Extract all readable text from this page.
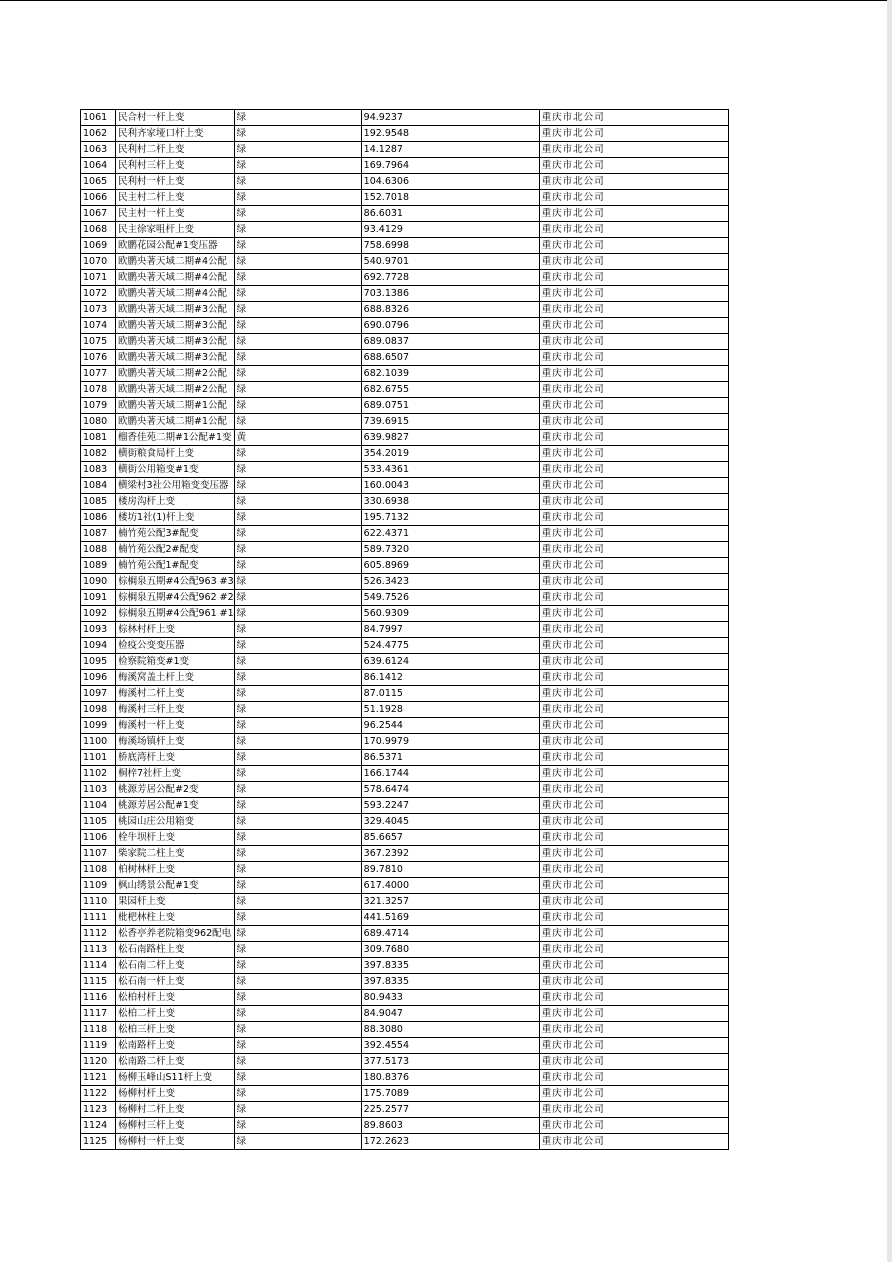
1061	民合村一杆上变	绿	94.9237	重庆市北公司
1062	民利齐家垭口杆上变	绿	192.9548	重庆市北公司
1063	民利村二杆上变	绿	14.1287	重庆市北公司
1064	民利村三杆上变	绿	169.7964	重庆市北公司
1065	民利村一杆上变	绿	104.6306	重庆市北公司
1066	民主村二杆上变	绿	152.7018	重庆市北公司
1067	民主村一杆上变	绿	86.6031	重庆市北公司
1068	民主徐家咀杆上变	绿	93.4129	重庆市北公司
1069	欧鹏花园公配#1变压器	绿	758.6998	重庆市北公司
1070	欧鹏央著天域二期#4公配	绿	540.9701	重庆市北公司
1071	欧鹏央著天域二期#4公配	绿	692.7728	重庆市北公司
1072	欧鹏央著天域二期#4公配	绿	703.1386	重庆市北公司
1073	欧鹏央著天域二期#3公配	绿	688.8326	重庆市北公司
1074	欧鹏央著天域二期#3公配	绿	690.0796	重庆市北公司
1075	欧鹏央著天域二期#3公配	绿	689.0837	重庆市北公司
1076	欧鹏央著天域二期#3公配	绿	688.6507	重庆市北公司
1077	欧鹏央著天域二期#2公配	绿	682.1039	重庆市北公司
1078	欧鹏央著天域二期#2公配	绿	682.6755	重庆市北公司
1079	欧鹏央著天域二期#1公配	绿	689.0751	重庆市北公司
1080	欧鹏央著天域二期#1公配	绿	739.6915	重庆市北公司
1081	榴香佳苑二期#1公配#1变	黄	639.9827	重庆市北公司
1082	横街粮食局杆上变	绿	354.2019	重庆市北公司
1083	横街公用箱变#1变	绿	533.4361	重庆市北公司
1084	横梁村3社公用箱变变压器	绿	160.0043	重庆市北公司
1085	楼房沟杆上变	绿	330.6938	重庆市北公司
1086	楼坊1社(1)杆上变	绿	195.7132	重庆市北公司
1087	楠竹苑公配3#配变	绿	622.4371	重庆市北公司
1088	楠竹苑公配2#配变	绿	589.7320	重庆市北公司
1089	楠竹苑公配1#配变	绿	605.8969	重庆市北公司
1090	棕榈泉五期#4公配963 #3	绿	526.3423	重庆市北公司
1091	棕榈泉五期#4公配962 #2	绿	549.7526	重庆市北公司
1092	棕榈泉五期#4公配961 #1	绿	560.9309	重庆市北公司
1093	棕林村杆上变	绿	84.7997	重庆市北公司
1094	检疫公变变压器	绿	524.4775	重庆市北公司
1095	检察院箱变#1变	绿	639.6124	重庆市北公司
1096	梅溪窝盖土杆上变	绿	86.1412	重庆市北公司
1097	梅溪村二杆上变	绿	87.0115	重庆市北公司
1098	梅溪村三杆上变	绿	51.1928	重庆市北公司
1099	梅溪村一杆上变	绿	96.2544	重庆市北公司
1100	梅溪场镇杆上变	绿	170.9979	重庆市北公司
1101	桥底湾杆上变	绿	86.5371	重庆市北公司
1102	桐梓7社杆上变	绿	166.1744	重庆市北公司
1103	桃源芳居公配#2变	绿	578.6474	重庆市北公司
1104	桃源芳居公配#1变	绿	593.2247	重庆市北公司
1105	桃园山庄公用箱变	绿	329.4045	重庆市北公司
1106	栓牛坝杆上变	绿	85.6657	重庆市北公司
1107	柴家院二柱上变	绿	367.2392	重庆市北公司
1108	柏树林杆上变	绿	89.7810	重庆市北公司
1109	枫山绣景公配#1变	绿	617.4000	重庆市北公司
1110	果园杆上变	绿	321.3257	重庆市北公司
1111	枇杷林柱上变	绿	441.5169	重庆市北公司
1112	松香亭养老院箱变962配电	绿	689.4714	重庆市北公司
1113	松石南路柱上变	绿	309.7680	重庆市北公司
1114	松石南二杆上变	绿	397.8335	重庆市北公司
1115	松石南一杆上变	绿	397.8335	重庆市北公司
1116	松柏村杆上变	绿	80.9433	重庆市北公司
1117	松柏二杆上变	绿	84.9047	重庆市北公司
1118	松柏三杆上变	绿	88.3080	重庆市北公司
1119	松南路杆上变	绿	392.4554	重庆市北公司
1120	松南路二杆上变	绿	377.5173	重庆市北公司
1121	杨柳玉峰山S11杆上变	绿	180.8376	重庆市北公司
1122	杨柳村杆上变	绿	175.7089	重庆市北公司
1123	杨柳村二杆上变	绿	225.2577	重庆市北公司
1124	杨柳村三杆上变	绿	89.8603	重庆市北公司
1125	杨柳村一杆上变	绿	172.2623	重庆市北公司
